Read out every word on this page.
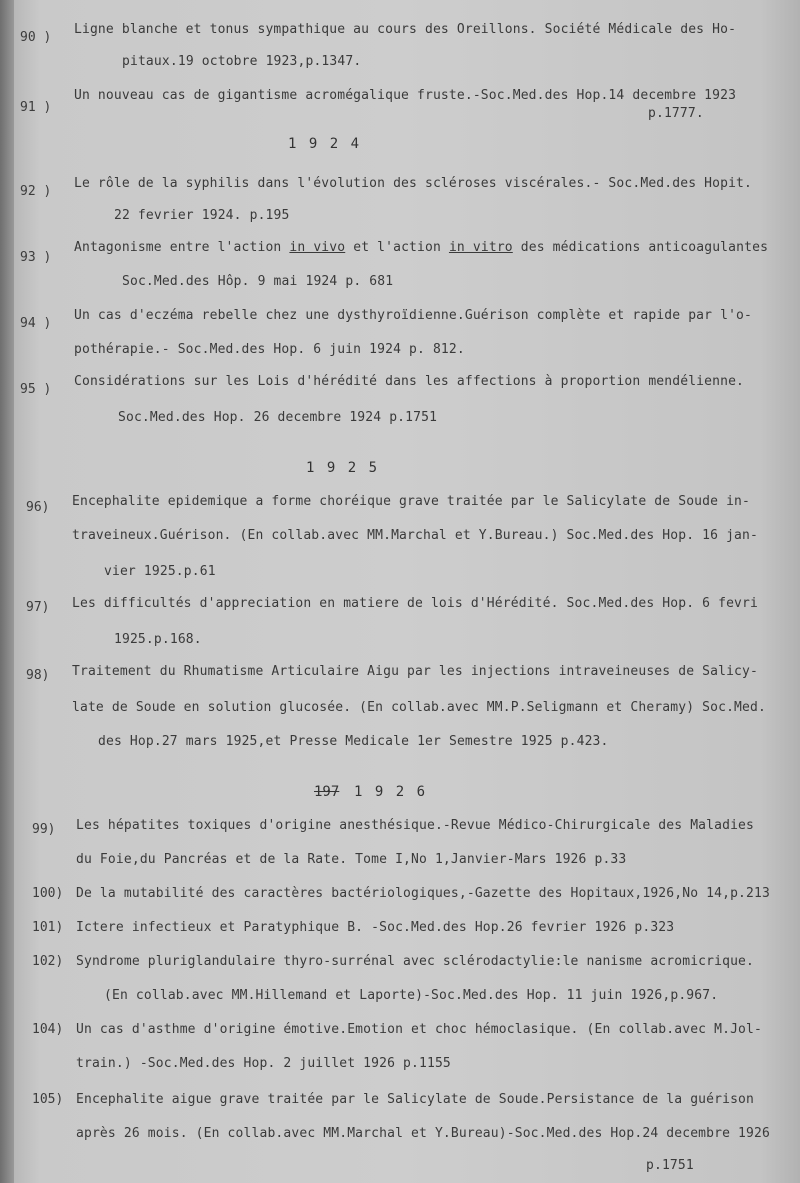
90 )
Ligne blanche et tonus sympathique au cours des Oreillons. Société Médicale des Ho-
pitaux.19 octobre 1923,p.1347.
91 )
Un nouveau cas de gigantisme acromégalique fruste.-Soc.Med.des Hop.14 decembre 1923
p.1777.
1 9 2 4
92 )
Le rôle de la syphilis dans l'évolution des scléroses viscérales.- Soc.Med.des Hopit.
22 fevrier 1924. p.195
93 )
Antagonisme entre l'action in vivo et l'action in vitro des médications anticoagulantes
Soc.Med.des Hôp. 9 mai 1924 p. 681
94 )
Un cas d'eczéma rebelle chez une dysthyroïdienne.Guérison complète et rapide par l'o-
pothérapie.- Soc.Med.des Hop. 6 juin 1924 p. 812.
95 )
Considérations sur les Lois d'hérédité dans les affections à proportion mendélienne.
Soc.Med.des Hop. 26 decembre 1924 p.1751
1 9 2 5
96) Encephalite epidemique a forme choréique grave traitée par le Salicylate de Soude in-
traveineux.Guérison. (En collab.avec MM.Marchal et Y.Bureau.) Soc.Med.des Hop. 16 jan-
vier 1925.p.61
97) Les difficultés d'appreciation en matiere de lois d'Hérédité. Soc.Med.des Hop. 6 fevri
1925.p.168.
98) Traitement du Rhumatisme Articulaire Aigu par les injections intraveineuses de Salicy-
late de Soude en solution glucosée. (En collab.avec MM.P.Seligmann et Cheramy) Soc.Med.
des Hop.27 mars 1925,et Presse Medicale 1er Semestre 1925 p.423.
197 1 9 2 6
99) Les hépatites toxiques d'origine anesthésique.-Revue Médico-Chirurgicale des Maladies
du Foie,du Pancréas et de la Rate. Tome I,No 1,Janvier-Mars 1926 p.33
100) De la mutabilité des caractères bactériologiques,-Gazette des Hopitaux,1926,No 14,p.213
101) Ictere infectieux et Paratyphique B. -Soc.Med.des Hop.26 fevrier 1926 p.323
102) Syndrome pluriglandulaire thyro-surrénal avec sclérodactylie:le nanisme acromicrique.
(En collab.avec MM.Hillemand et Laporte)-Soc.Med.des Hop. 11 juin 1926,p.967.
104) Un cas d'asthme d'origine émotive.Emotion et choc hémoclasique. (En collab.avec M.Jol-
train.) -Soc.Med.des Hop. 2 juillet 1926 p.1155
105) Encephalite aigue grave traitée par le Salicylate de Soude.Persistance de la guérison
après 26 mois. (En collab.avec MM.Marchal et Y.Bureau)-Soc.Med.des Hop.24 decembre 1926
p.1751
